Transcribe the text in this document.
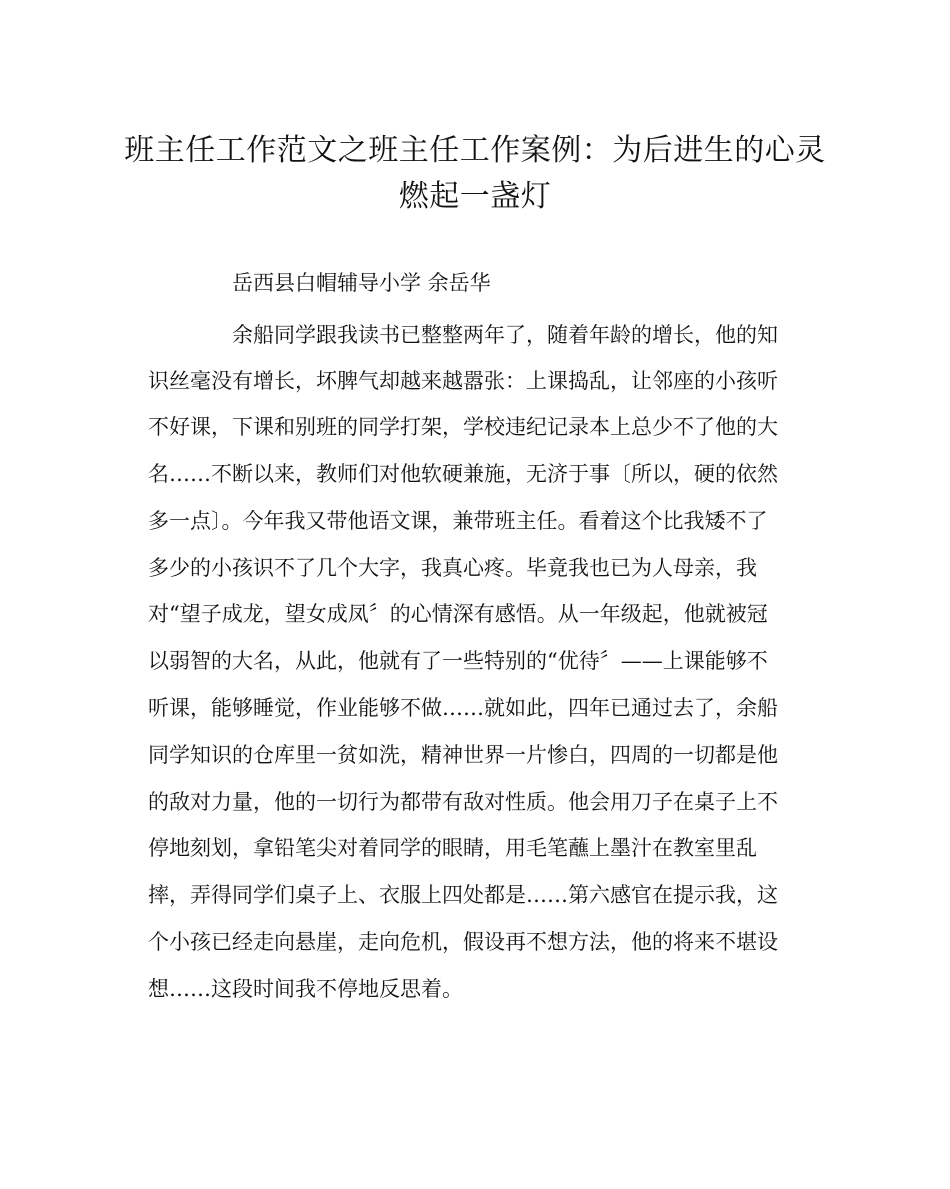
班主任工作范文之班主任工作案例：为后进生的心灵
燃起一盏灯
岳西县白帽辅导小学 余岳华
余船同学跟我读书已整整两年了，随着年龄的增长，他的知
识丝毫没有增长，坏脾气却越来越嚣张：上课捣乱，让邻座的小孩听
不好课，下课和别班的同学打架，学校违纪记录本上总少不了他的大
名……不断以来，教师们对他软硬兼施，无济于事〔所以，硬的依然
多一点〕。今年我又带他语文课，兼带班主任。看着这个比我矮不了
多少的小孩识不了几个大字，我真心疼。毕竟我也已为人母亲，我
对“望子成龙，望女成凤〞的心情深有感悟。从一年级起，他就被冠
以弱智的大名，从此，他就有了一些特别的“优待〞——上课能够不
听课，能够睡觉，作业能够不做……就如此，四年已通过去了，余船
同学知识的仓库里一贫如洗，精神世界一片惨白，四周的一切都是他
的敌对力量，他的一切行为都带有敌对性质。他会用刀子在桌子上不
停地刻划，拿铅笔尖对着同学的眼睛，用毛笔蘸上墨汁在教室里乱
摔，弄得同学们桌子上、衣服上四处都是……第六感官在提示我，这
个小孩已经走向悬崖，走向危机，假设再不想方法，他的将来不堪设
想……这段时间我不停地反思着。
